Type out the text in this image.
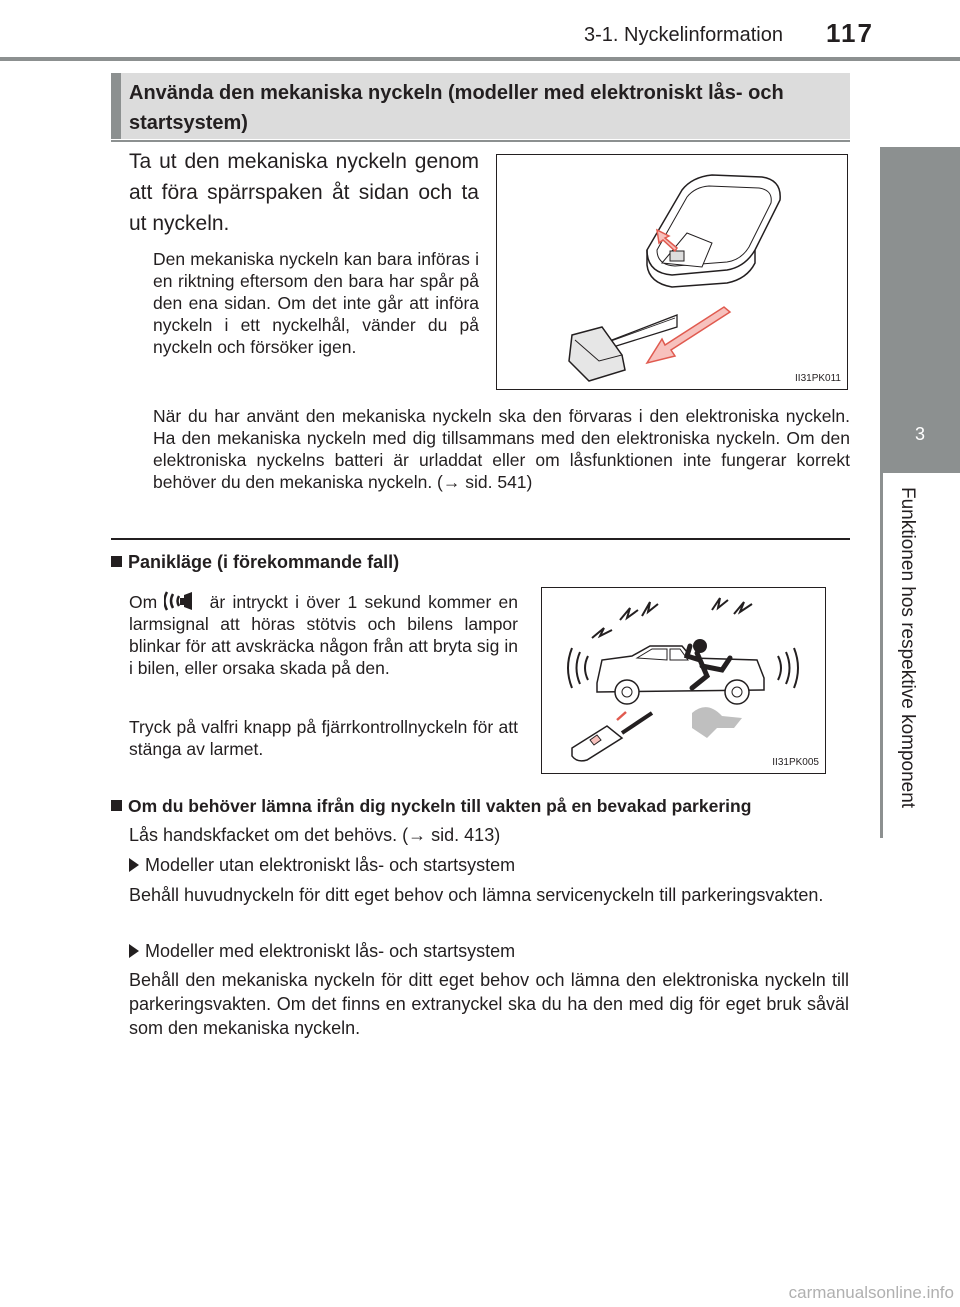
3-1. Nyckelinformation 117
3
Funktionen hos respektive komponent
Använda den mekaniska nyckeln (modeller med elektroniskt lås- och startsystem)
Ta ut den mekaniska nyckeln genom att föra spärrspaken åt sidan och ta ut nyckeln.
Den mekaniska nyckeln kan bara införas i en riktning eftersom den bara har spår på den ena sidan. Om det inte går att införa nyckeln i ett nyckelhål, vänder du på nyckeln och försöker igen.
II31PK011
När du har använt den mekaniska nyckeln ska den förvaras i den elektroniska nyckeln. Ha den mekaniska nyckeln med dig tillsammans med den elektroniska nyckeln. Om den elektroniska nyckelns batteri är urladdat eller om låsfunktionen inte fungerar korrekt behöver du den mekaniska nyckeln. (→ sid. 541)
Panikläge (i förekommande fall)
Om	är intryckt i över 1 sekund kommer en larmsignal att höras stötvis och bilens lampor blinkar för att avskräcka någon från att bryta sig in i bilen, eller orsaka skada på den.
Tryck på valfri knapp på fjärrkontrollnyckeln för att stänga av larmet.
II31PK005
Om du behöver lämna ifrån dig nyckeln till vakten på en bevakad parkering
Lås handskfacket om det behövs. (→ sid. 413)
Modeller utan elektroniskt lås- och startsystem
Behåll huvudnyckeln för ditt eget behov och lämna servicenyckeln till parkeringsvakten.
Modeller med elektroniskt lås- och startsystem
Behåll den mekaniska nyckeln för ditt eget behov och lämna den elektroniska nyckeln till parkeringsvakten. Om det finns en extranyckel ska du ha den med dig för eget bruk såväl som den mekaniska nyckeln.
carmanualsonline.info
